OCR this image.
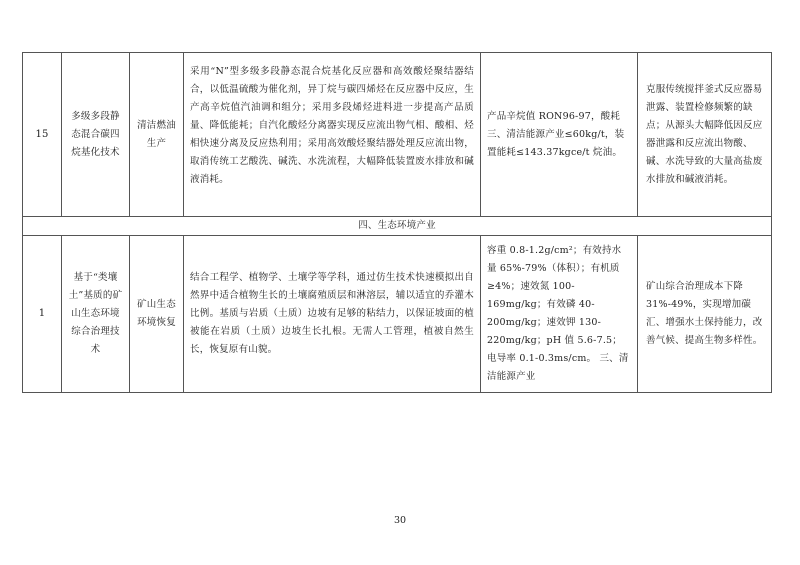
15	多级多段静态混合碳四烷基化技术	清洁燃油生产	采用“N”型多级多段静态混合烷基化反应器和高效酸烃聚结器结合，以低温硫酸为催化剂，异丁烷与碳四烯烃在反应器中反应，生产高辛烷值汽油调和组分；采用多段烯烃进料进一步提高产品质量、降低能耗；自汽化酸烃分离器实现反应流出物气相、酸相、烃相快速分离及反应热利用；采用高效酸烃聚结器处理反应流出物，取消传统工艺酸洗、碱洗、水洗流程，大幅降低装置废水排放和碱液消耗。	产品辛烷值 RON96-97，酸耗三、清洁能源产业≤60kg/t，装置能耗≤143.37kgce/t 烷油。	克服传统搅拌釜式反应器易泄露、装置检修频繁的缺点；从源头大幅降低因反应器泄露和反应流出物酸、碱、水洗导致的大量高盐废水排放和碱液消耗。
四、生态环境产业					
1	基于“类壤土”基质的矿山生态环境综合治理技术	矿山生态环境恢复	结合工程学、植物学、土壤学等学科，通过仿生技术快速模拟出自然界中适合植物生长的土壤腐殖质层和淋溶层，辅以适宜的乔灌木比例。基质与岩质（土质）边坡有足够的粘结力，以保证坡面的植被能在岩质（土质）边坡生长扎根。无需人工管理，植被自然生长，恢复原有山貌。	容重 0.8-1.2g/cm²；有效持水量 65%-79%（体积）；有机质≥4%；速效氮 100-169mg/kg；有效磷 40-200mg/kg；速效钾 130-220mg/kg；pH 值 5.6-7.5；电导率 0.1-0.3ms/cm。 三、清洁能源产业	矿山综合治理成本下降 31%-49%，实现增加碳汇、增强水土保持能力，改善气候、提高生物多样性。
30
